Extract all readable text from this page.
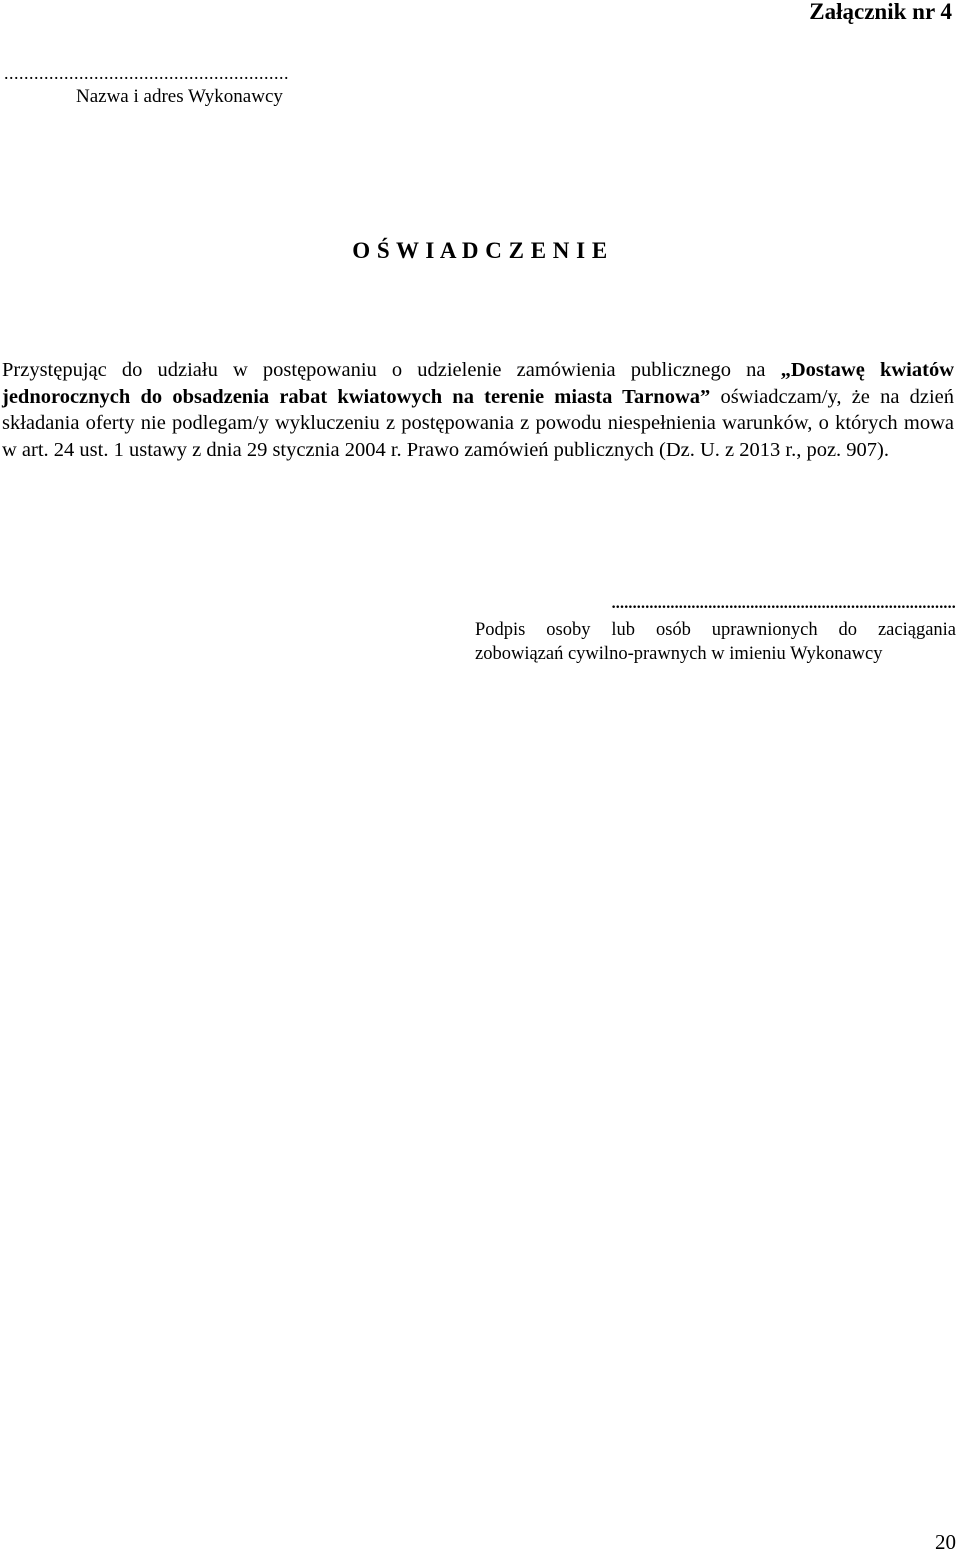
Załącznik nr 4
.........................................................
Nazwa i adres Wykonawcy
O Ś W I A D C Z E N I E
Przystępując do udziału w postępowaniu o udzielenie zamówienia publicznego na „Dostawę kwiatów jednorocznych do obsadzenia rabat kwiatowych na terenie miasta Tarnowa” oświadczam/y, że na dzień składania oferty nie podlegam/y wykluczeniu z postępowania z powodu niespełnienia warunków, o których mowa w art. 24 ust. 1 ustawy z dnia 29 stycznia 2004 r. Prawo zamówień publicznych (Dz. U. z 2013 r., poz. 907).
..................................................................................
Podpis osoby lub osób uprawnionych do zaciągania
zobowiązań cywilno-prawnych w imieniu Wykonawcy
20
